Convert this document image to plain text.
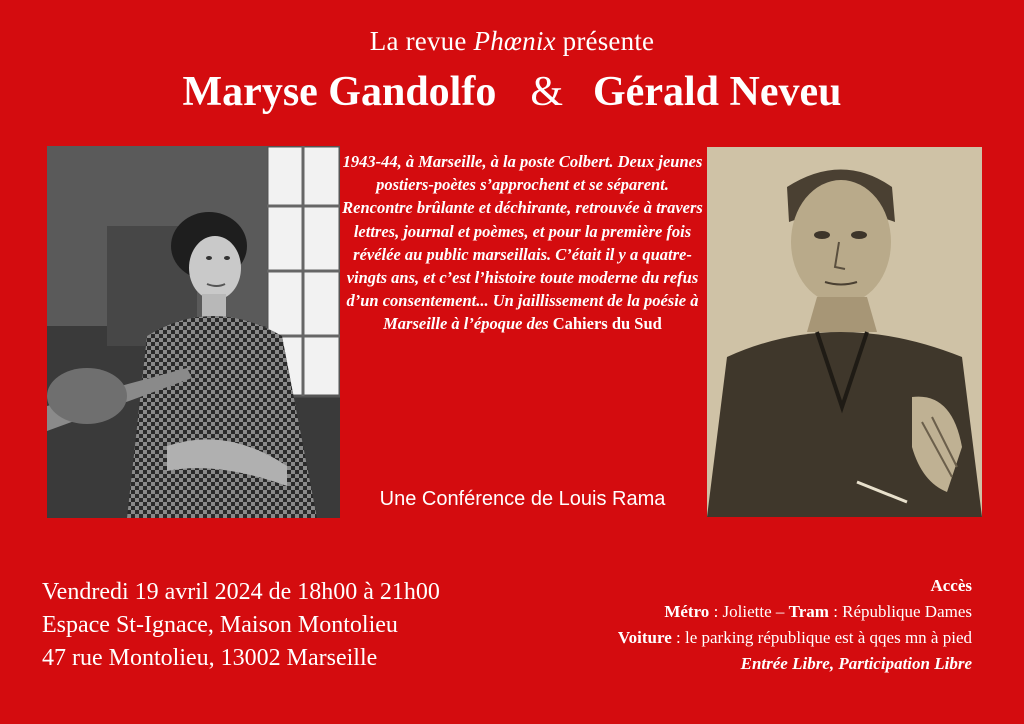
La revue Phœnix présente
Maryse Gandolfo & Gérald Neveu
1943-44, à Marseille, à la poste Colbert. Deux jeunes postiers-poètes s’approchent et se séparent. Rencontre brûlante et déchirante, retrouvée à travers lettres, journal et poèmes, et pour la première fois révélée au public marseillais. C’était il y a quatre-vingts ans, et c’est l’histoire toute moderne du refus d’un consentement... Un jaillissement de la poésie à Marseille à l’époque des Cahiers du Sud
Une Conférence de Louis Rama
Vendredi 19 avril 2024 de 18h00 à 21h00
Espace St-Ignace, Maison Montolieu
47 rue Montolieu, 13002 Marseille
Accès
Métro : Joliette – Tram : République Dames
Voiture : le parking république est à qqes mn à pied
Entrée Libre, Participation Libre
